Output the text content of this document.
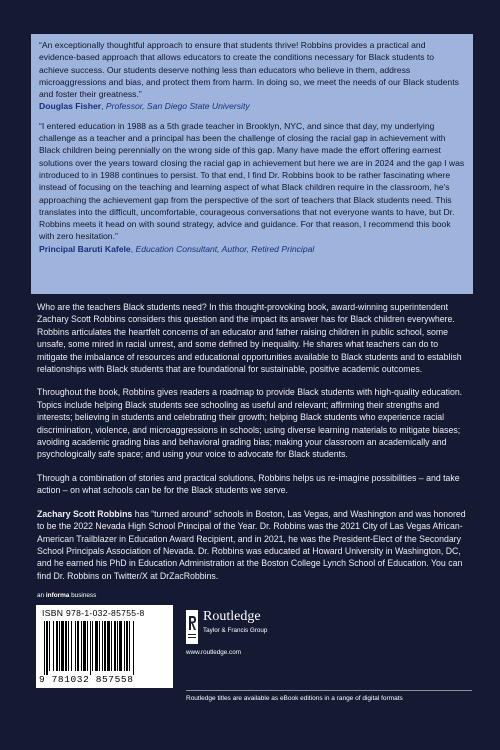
“An exceptionally thoughtful approach to ensure that students thrive! Robbins provides a practical and evidence-based approach that allows educators to create the conditions necessary for Black students to achieve success. Our students deserve nothing less than educators who believe in them, address microaggressions and bias, and protect them from harm. In doing so, we meet the needs of our Black students and foster their greatness.”
Douglas Fisher, Professor, San Diego State University
“I entered education in 1988 as a 5th grade teacher in Brooklyn, NYC, and since that day, my underlying challenge as a teacher and a principal has been the challenge of closing the racial gap in achievement with Black children being perennially on the wrong side of this gap. Many have made the effort offering earnest solutions over the years toward closing the racial gap in achievement but here we are in 2024 and the gap I was introduced to in 1988 continues to persist. To that end, I find Dr. Robbins book to be rather fascinating where instead of focusing on the teaching and learning aspect of what Black children require in the classroom, he's approaching the achievement gap from the perspective of the sort of teachers that Black students need. This translates into the difficult, uncomfortable, courageous conversations that not everyone wants to have, but Dr. Robbins meets it head on with sound strategy, advice and guidance. For that reason, I recommend this book with zero hesitation.”
Principal Baruti Kafele, Education Consultant, Author, Retired Principal

Who are the teachers Black students need? In this thought-provoking book, award-winning superintendent Zachary Scott Robbins considers this question and the impact its answer has for Black children everywhere. Robbins articulates the heartfelt concerns of an educator and father raising children in public school, some unsafe, some mired in racial unrest, and some defined by inequality. He shares what teachers can do to mitigate the imbalance of resources and educational opportunities available to Black students and to establish relationships with Black students that are foundational for sustainable, positive academic outcomes.

Throughout the book, Robbins gives readers a roadmap to provide Black students with high-quality education. Topics include helping Black students see schooling as useful and relevant; affirming their strengths and interests; believing in students and celebrating their growth; helping Black students who experience racial discrimination, violence, and microaggressions in schools; using diverse learning materials to mitigate biases; avoiding academic grading bias and behavioral grading bias; making your classroom an academically and psychologically safe space; and using your voice to advocate for Black students.

Through a combination of stories and practical solutions, Robbins helps us re-imagine possibilities – and take action – on what schools can be for the Black students we serve.

Zachary Scott Robbins has “turned around” schools in Boston, Las Vegas, and Washington and was honored to be the 2022 Nevada High School Principal of the Year. Dr. Robbins was the 2021 City of Las Vegas African-American Trailblazer in Education Award Recipient, and in 2021, he was the President-Elect of the Secondary School Principals Association of Nevada. Dr. Robbins was educated at Howard University in Washington, DC, and he earned his PhD in Education Administration at the Boston College Lynch School of Education. You can find Dr. Robbins on Twitter/X at DrZacRobbins.

an informa business
ISBN 978-1-032-85755-8
9 781032 857558
Routledge
Taylor & Francis Group
www.routledge.com
Routledge titles are available as eBook editions in a range of digital formats
